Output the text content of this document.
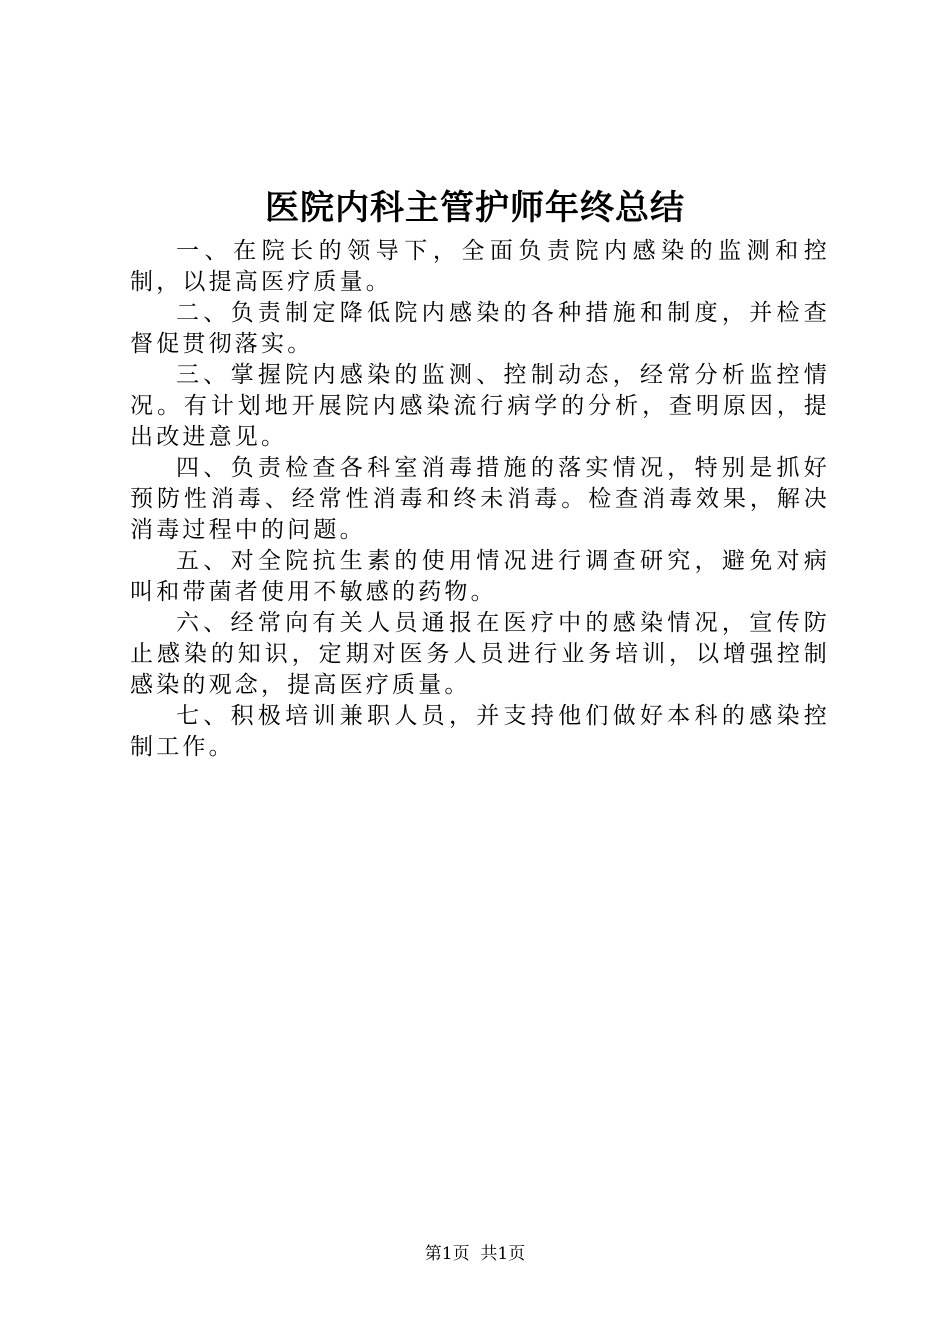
医院内科主管护师年终总结

一、在院长的领导下，全面负责院内感染的监测和控制，以提高医疗质量。

二、负责制定降低院内感染的各种措施和制度，并检查督促贯彻落实。

三、掌握院内感染的监测、控制动态，经常分析监控情况。有计划地开展院内感染流行病学的分析，查明原因，提出改进意见。

四、负责检查各科室消毒措施的落实情况，特别是抓好预防性消毒、经常性消毒和终未消毒。检查消毒效果，解决消毒过程中的问题。

五、对全院抗生素的使用情况进行调查研究，避免对病叫和带菌者使用不敏感的药物。

六、经常向有关人员通报在医疗中的感染情况，宣传防止感染的知识，定期对医务人员进行业务培训，以增强控制感染的观念，提高医疗质量。

七、积极培训兼职人员，并支持他们做好本科的感染控制工作。

第1页 共1页
